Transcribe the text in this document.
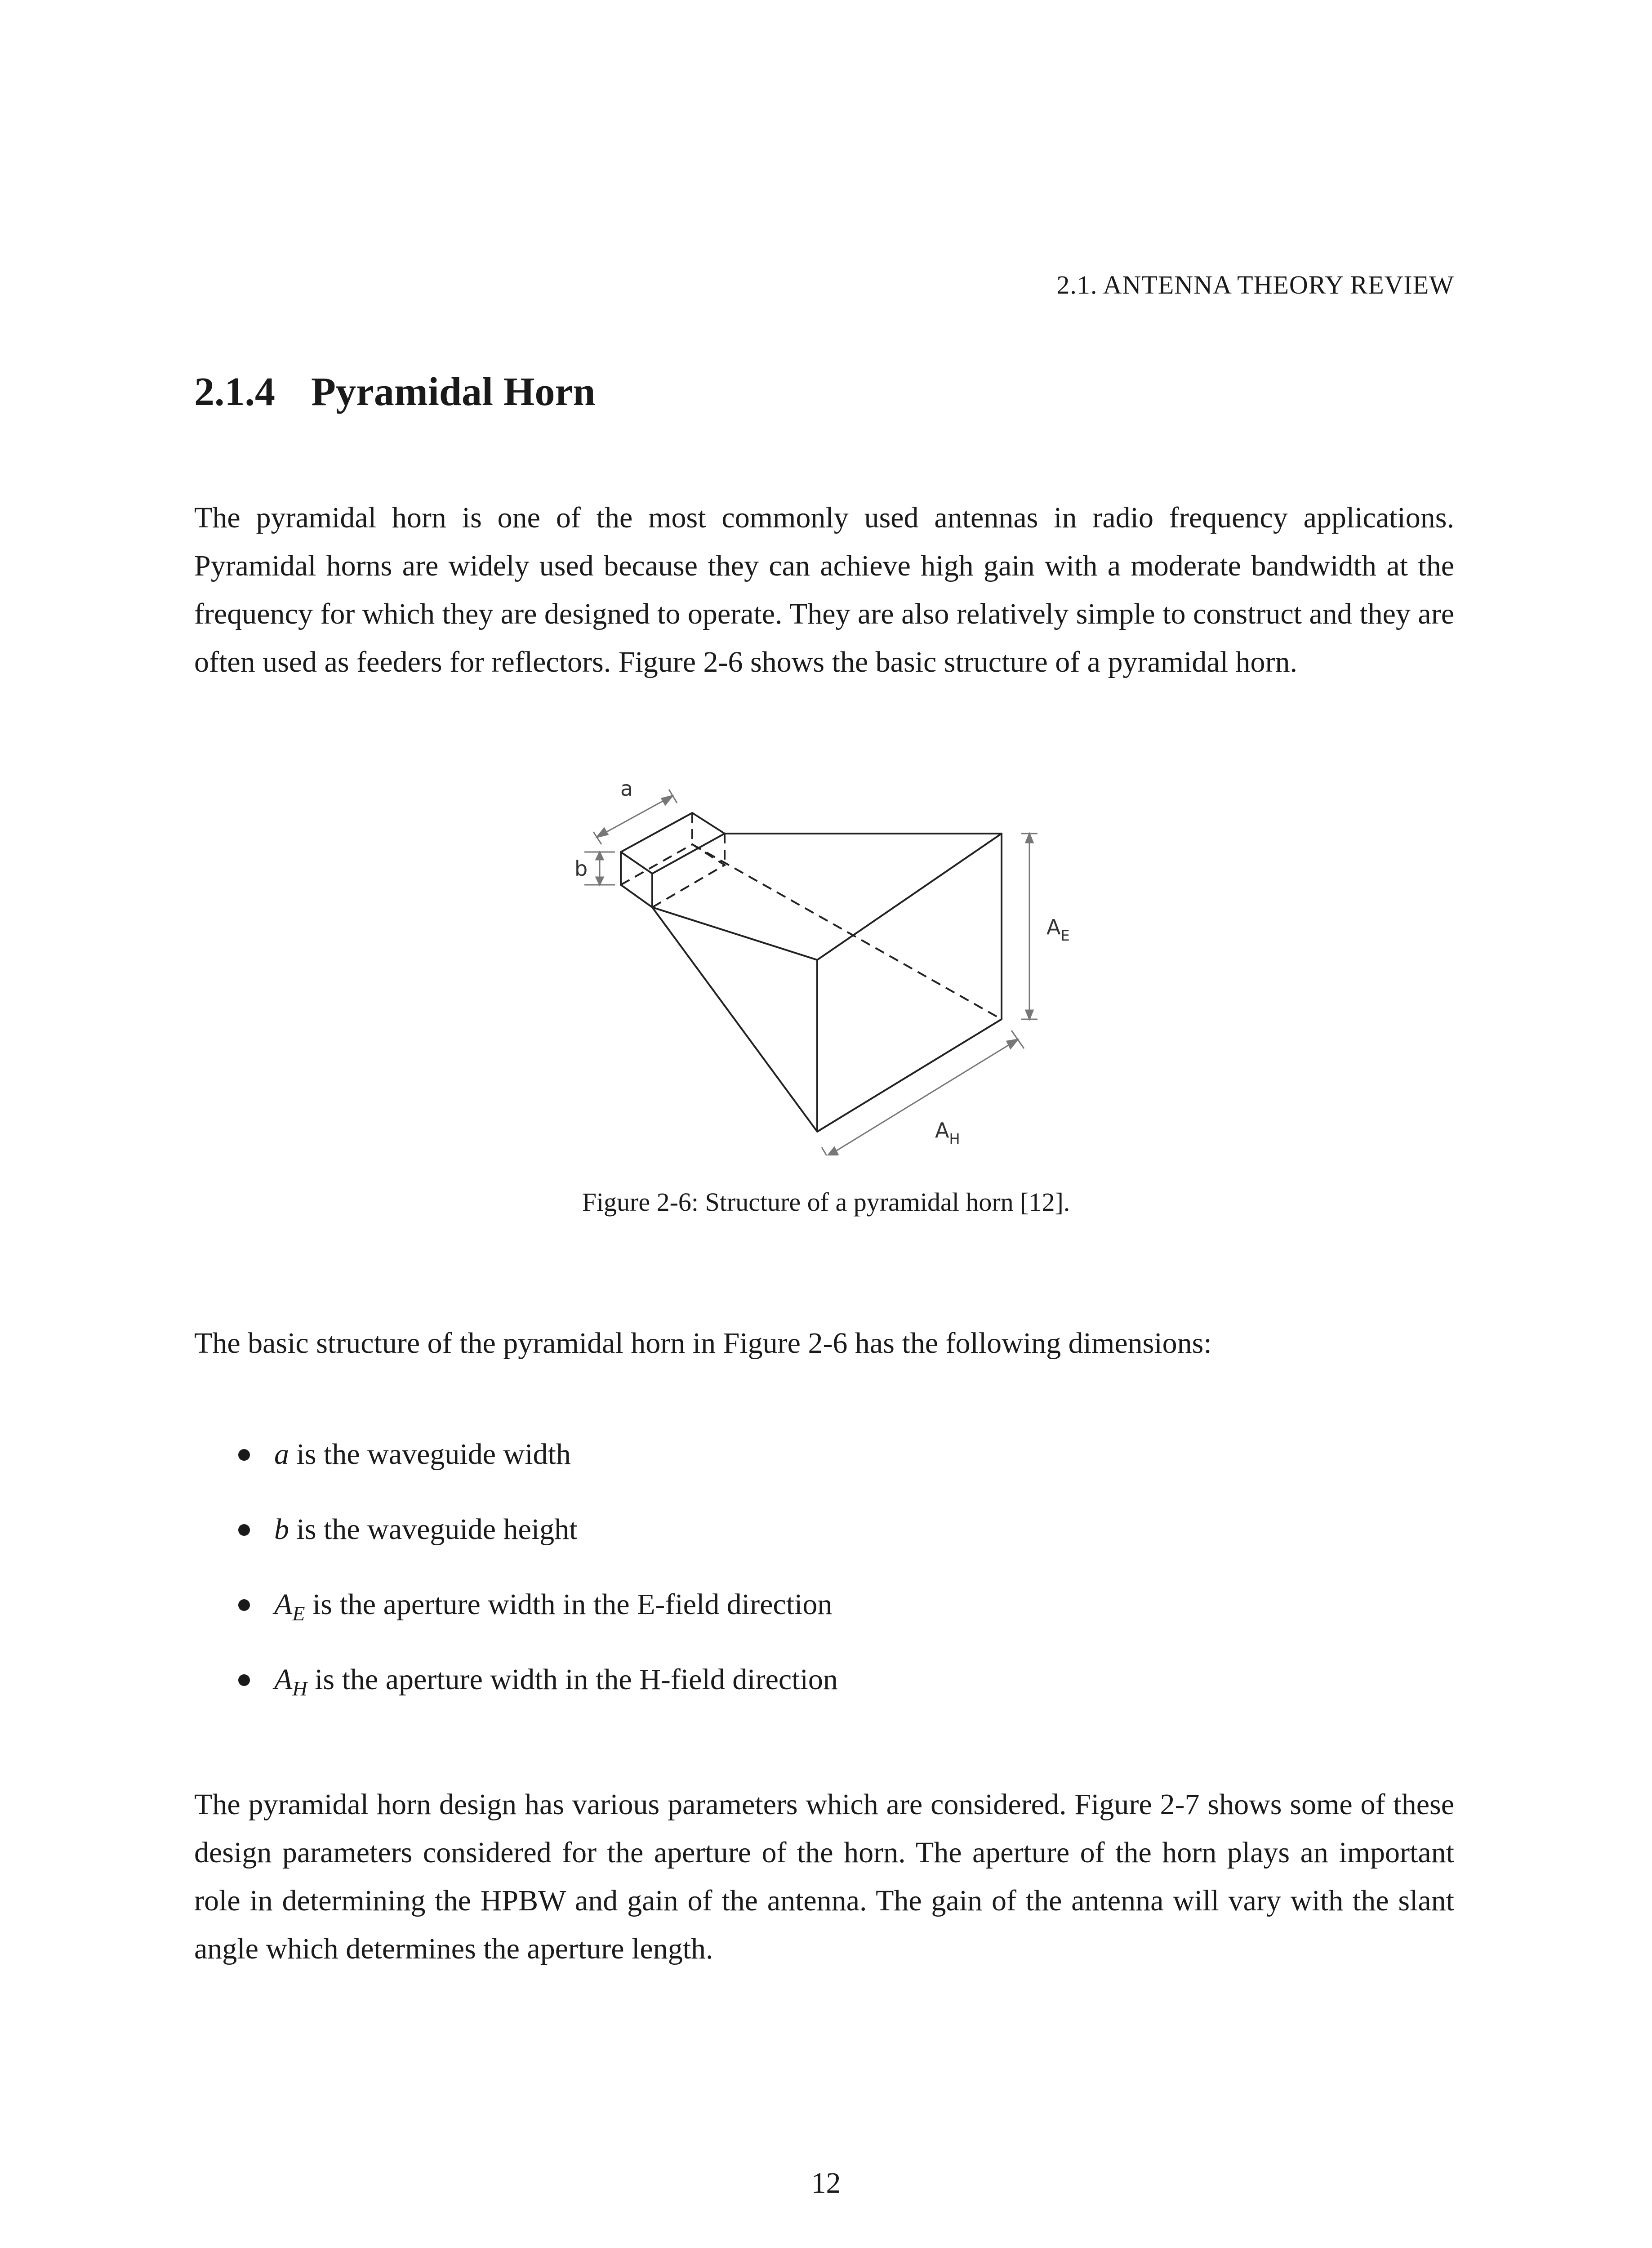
2.1. ANTENNA THEORY REVIEW
2.1.4 Pyramidal Horn

The pyramidal horn is one of the most commonly used antennas in radio frequency applications. Pyramidal horns are widely used because they can achieve high gain with a moderate bandwidth at the frequency for which they are designed to operate. They are also relatively simple to construct and they are often used as feeders for reflectors. Figure 2-6 shows the basic structure of a pyramidal horn.

a
b
AE
AH

Figure 2-6: Structure of a pyramidal horn [12].

The basic structure of the pyramidal horn in Figure 2-6 has the following dimensions:

a is the waveguide width
b is the waveguide height
$A_E$ is the aperture width in the E-field direction
$A_H$ is the aperture width in the H-field direction

The pyramidal horn design has various parameters which are considered. Figure 2-7 shows some of these design parameters considered for the aperture of the horn. The aperture of the horn plays an important role in determining the HPBW and gain of the antenna. The gain of the antenna will vary with the slant angle which determines the aperture length.

12
